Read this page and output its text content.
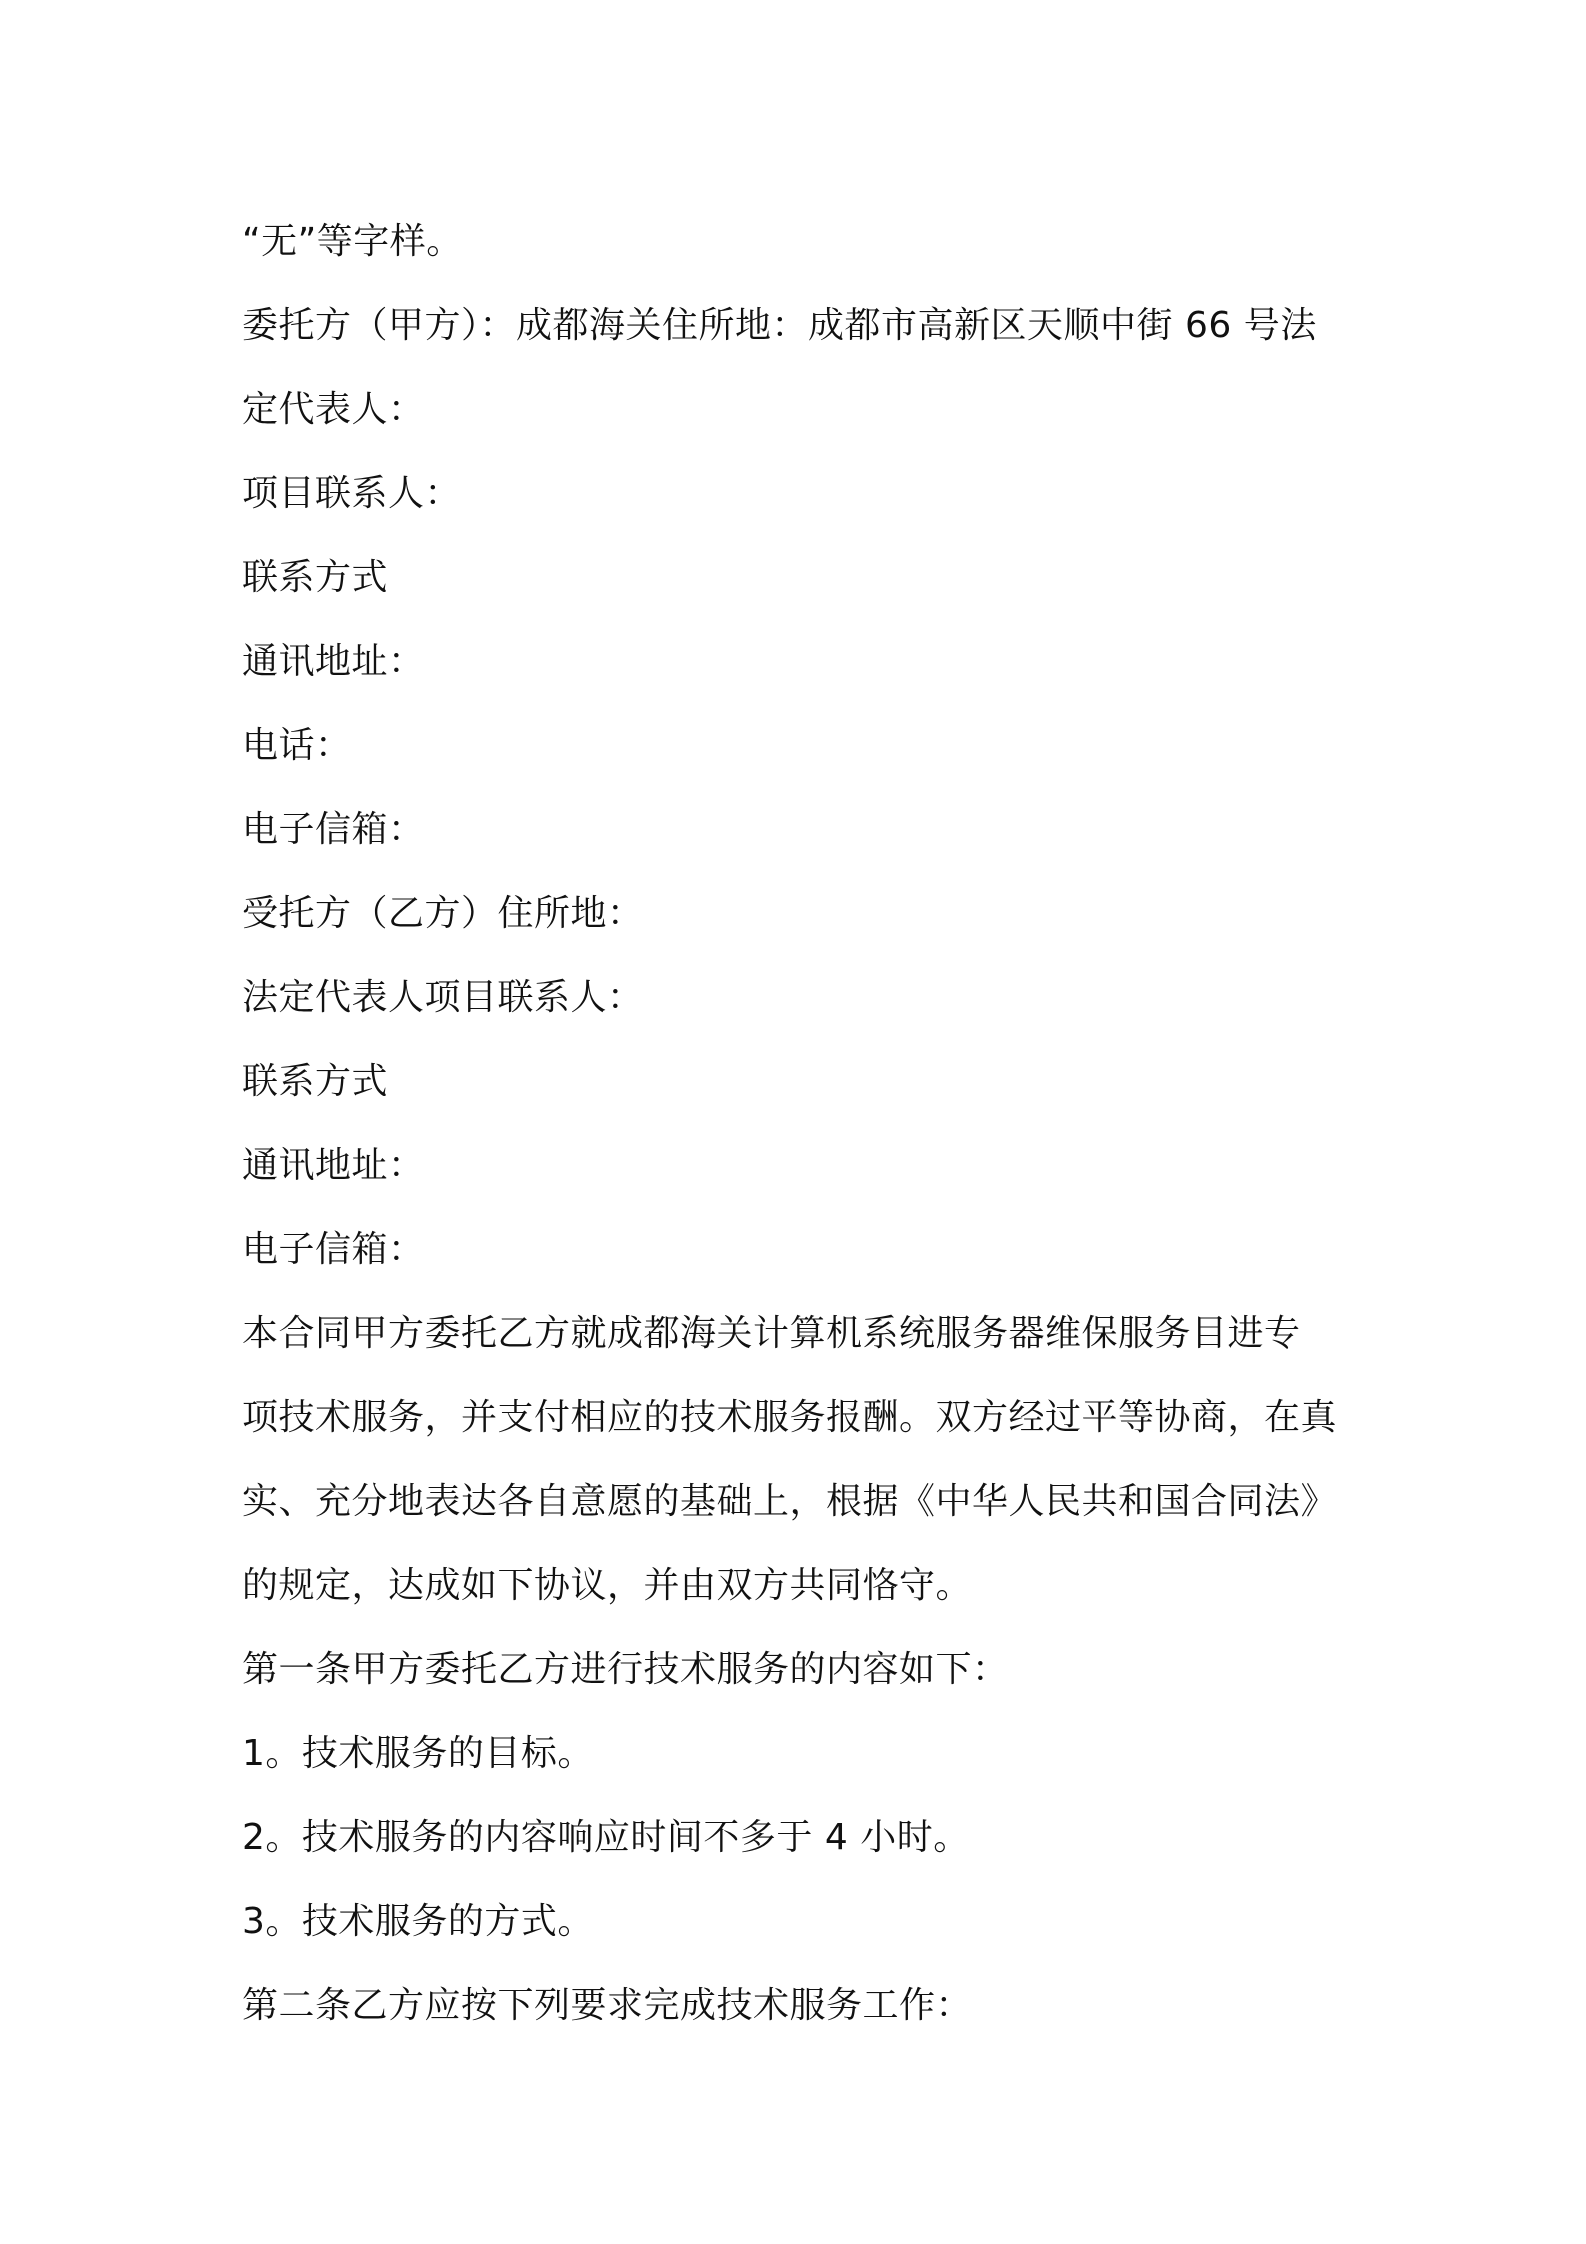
“无”等字样。
委托方（甲方）：成都海关住所地：成都市高新区天顺中街 66 号法
定代表人：
项目联系人：
联系方式
通讯地址：
电话：
电子信箱：
受托方（乙方）住所地：
法定代表人项目联系人：
联系方式
通讯地址：
电子信箱：
本合同甲方委托乙方就成都海关计算机系统服务器维保服务目进专
项技术服务，并支付相应的技术服务报酬。双方经过平等协商，在真
实、充分地表达各自意愿的基础上，根据《中华人民共和国合同法》
的规定，达成如下协议，并由双方共同恪守。
第一条甲方委托乙方进行技术服务的内容如下：
1。技术服务的目标。
2。技术服务的内容响应时间不多于 4 小时。
3。技术服务的方式。
第二条乙方应按下列要求完成技术服务工作：
